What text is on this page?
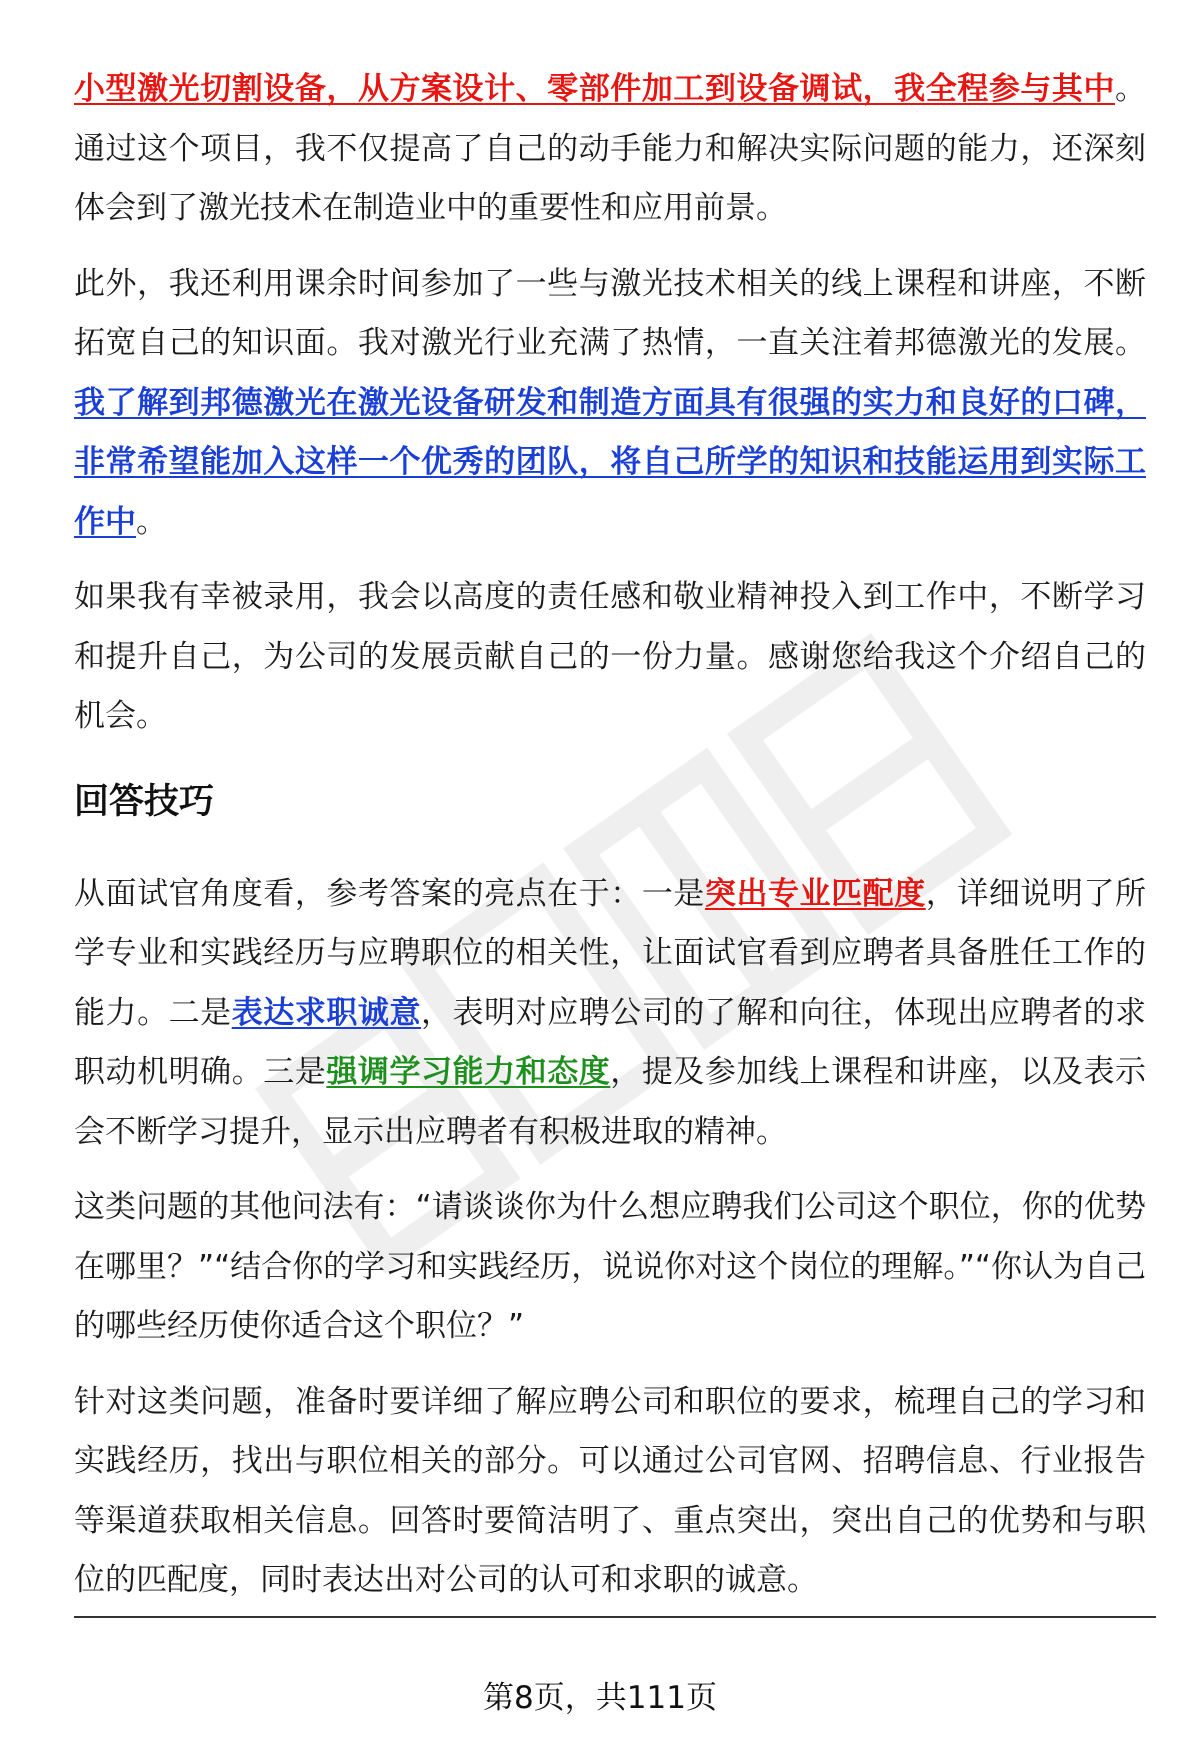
小型激光切割设备，从方案设计、零部件加工到设备调试，我全程参与其中。通过这个项目，我不仅提高了自己的动手能力和解决实际问题的能力，还深刻体会到了激光技术在制造业中的重要性和应用前景。

此外，我还利用课余时间参加了一些与激光技术相关的线上课程和讲座，不断拓宽自己的知识面。我对激光行业充满了热情，一直关注着邦德激光的发展。我了解到邦德激光在激光设备研发和制造方面具有很强的实力和良好的口碑，非常希望能加入这样一个优秀的团队，将自己所学的知识和技能运用到实际工作中。

如果我有幸被录用，我会以高度的责任感和敬业精神投入到工作中，不断学习和提升自己，为公司的发展贡献自己的一份力量。感谢您给我这个介绍自己的机会。

回答技巧

从面试官角度看，参考答案的亮点在于：一是突出专业匹配度，详细说明了所学专业和实践经历与应聘职位的相关性，让面试官看到应聘者具备胜任工作的能力。二是表达求职诚意，表明对应聘公司的了解和向往，体现出应聘者的求职动机明确。三是强调学习能力和态度，提及参加线上课程和讲座，以及表示会不断学习提升，显示出应聘者有积极进取的精神。

这类问题的其他问法有：“请谈谈你为什么想应聘我们公司这个职位，你的优势在哪里？”“结合你的学习和实践经历，说说你对这个岗位的理解。”“你认为自己的哪些经历使你适合这个职位？”

针对这类问题，准备时要详细了解应聘公司和职位的要求，梳理自己的学习和实践经历，找出与职位相关的部分。可以通过公司官网、招聘信息、行业报告等渠道获取相关信息。回答时要简洁明了、重点突出，突出自己的优势和与职位的匹配度，同时表达出对公司的认可和求职的诚意。

第8页，共111页
